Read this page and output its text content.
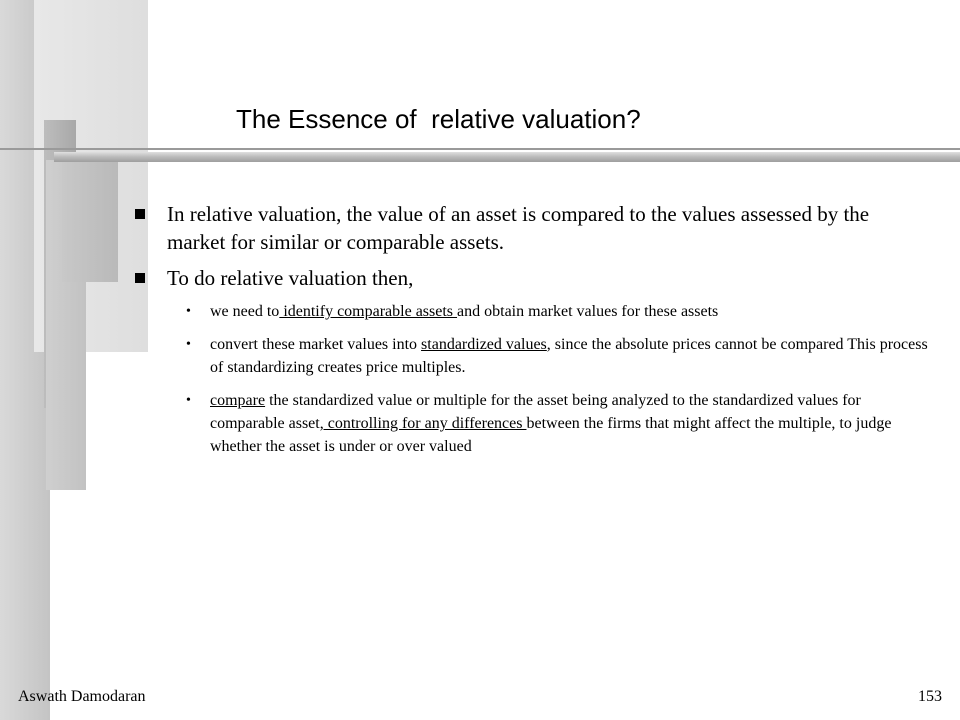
The Essence of  relative valuation?
In relative valuation, the value of an asset is compared to the values assessed by the market for similar or comparable assets.
To do relative valuation then,
• we need to identify comparable assets and obtain market values for these assets
• convert these market values into standardized values, since the absolute prices cannot be compared This process of standardizing creates price multiples.
• compare the standardized value or multiple for the asset being analyzed to the standardized values for comparable asset, controlling for any differences between the firms that might affect the multiple, to judge whether the asset is under or over valued
Aswath Damodaran	153
